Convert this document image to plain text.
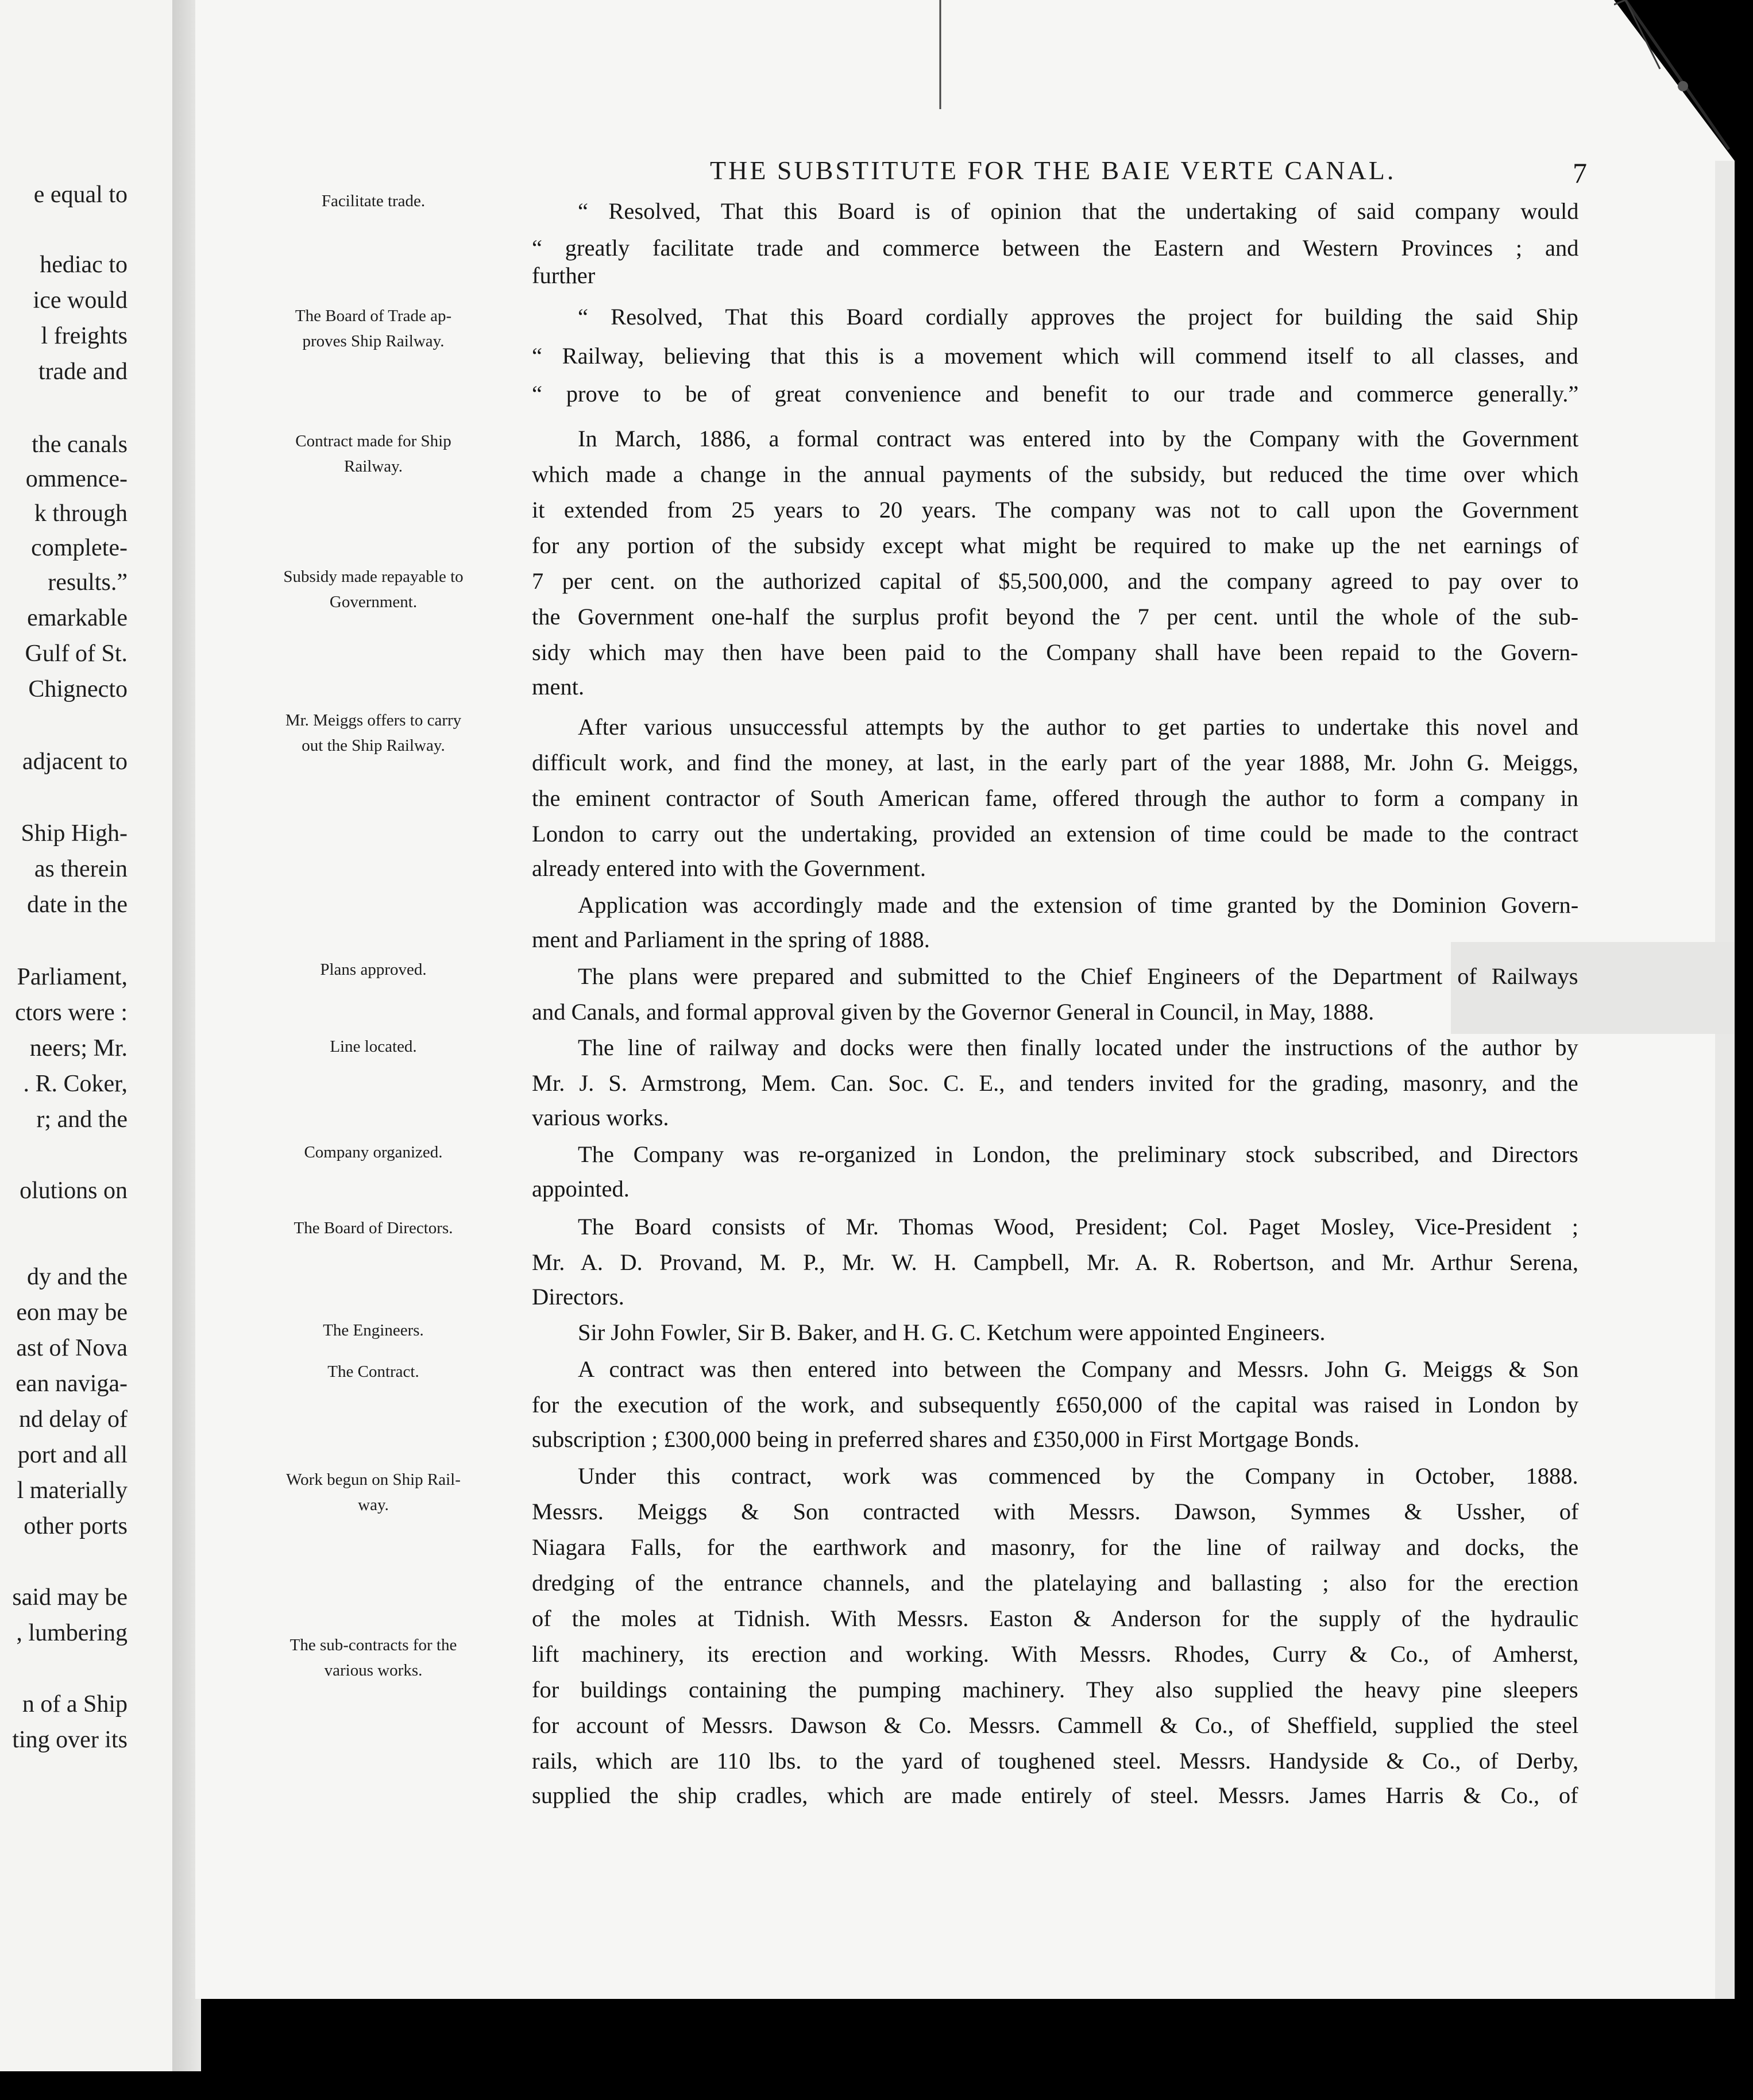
e equal to
hediac to
ice would
l freights
trade and
the canals
ommence-
k through
complete-
results.”
emarkable
Gulf of St.
Chignecto
adjacent to
Ship High-
as therein
date in the
Parliament,
ctors were :
neers; Mr.
. R. Coker,
r; and the
olutions on
dy and the
eon may be
ast of Nova
ean naviga-
nd delay of
port and all
l materially
other ports
said may be
, lumbering
n of a Ship
ting over its
THE SUBSTITUTE FOR THE BAIE VERTE CANAL.	7
Facilitate trade.
The Board of Trade ap-
proves Ship Railway.
Contract made for Ship
Railway.
Subsidy made repayable to
Government.
Mr. Meiggs offers to carry
out the Ship Railway.
Plans approved.
Line located.
Company organized.
The Board of Directors.
The Engineers.
The Contract.
Work begun on Ship Rail-
way.
The sub-contracts for the
various works.
“ Resolved, That this Board is of opinion that the undertaking of said company would
“ greatly facilitate trade and commerce between the Eastern and Western Provinces ; and
further
“ Resolved, That this Board cordially approves the project for building the said Ship
“ Railway, believing that this is a movement which will commend itself to all classes, and
“ prove to be of great convenience and benefit to our trade and commerce generally.”
In March, 1886, a formal contract was entered into by the Company with the Government
which made a change in the annual payments of the subsidy, but reduced the time over which
it extended from 25 years to 20 years. The company was not to call upon the Government
for any portion of the subsidy except what might be required to make up the net earnings of
7 per cent. on the authorized capital of $5,500,000, and the company agreed to pay over to
the Government one-half the surplus profit beyond the 7 per cent. until the whole of the sub-
sidy which may then have been paid to the Company shall have been repaid to the Govern-
ment.
After various unsuccessful attempts by the author to get parties to undertake this novel and
difficult work, and find the money, at last, in the early part of the year 1888, Mr. John G. Meiggs,
the eminent contractor of South American fame, offered through the author to form a company in
London to carry out the undertaking, provided an extension of time could be made to the contract
already entered into with the Government.
Application was accordingly made and the extension of time granted by the Dominion Govern-
ment and Parliament in the spring of 1888.
The plans were prepared and submitted to the Chief Engineers of the Department of Railways
and Canals, and formal approval given by the Governor General in Council, in May, 1888.
The line of railway and docks were then finally located under the instructions of the author by
Mr. J. S. Armstrong, Mem. Can. Soc. C. E., and tenders invited for the grading, masonry, and the
various works.
The Company was re-organized in London, the preliminary stock subscribed, and Directors
appointed.
The Board consists of Mr. Thomas Wood, President; Col. Paget Mosley, Vice-President ;
Mr. A. D. Provand, M. P., Mr. W. H. Campbell, Mr. A. R. Robertson, and Mr. Arthur Serena,
Directors.
Sir John Fowler, Sir B. Baker, and H. G. C. Ketchum were appointed Engineers.
A contract was then entered into between the Company and Messrs. John G. Meiggs & Son
for the execution of the work, and subsequently £650,000 of the capital was raised in London by
subscription ; £300,000 being in preferred shares and £350,000 in First Mortgage Bonds.
Under this contract, work was commenced by the Company in October, 1888.
Messrs. Meiggs & Son contracted with Messrs. Dawson, Symmes & Ussher, of
Niagara Falls, for the earthwork and masonry, for the line of railway and docks, the
dredging of the entrance channels, and the platelaying and ballasting ; also for the erection
of the moles at Tidnish. With Messrs. Easton & Anderson for the supply of the hydraulic
lift machinery, its erection and working. With Messrs. Rhodes, Curry & Co., of Amherst,
for buildings containing the pumping machinery. They also supplied the heavy pine sleepers
for account of Messrs. Dawson & Co. Messrs. Cammell & Co., of Sheffield, supplied the steel
rails, which are 110 lbs. to the yard of toughened steel. Messrs. Handyside & Co., of Derby,
supplied the ship cradles, which are made entirely of steel. Messrs. James Harris & Co., of
